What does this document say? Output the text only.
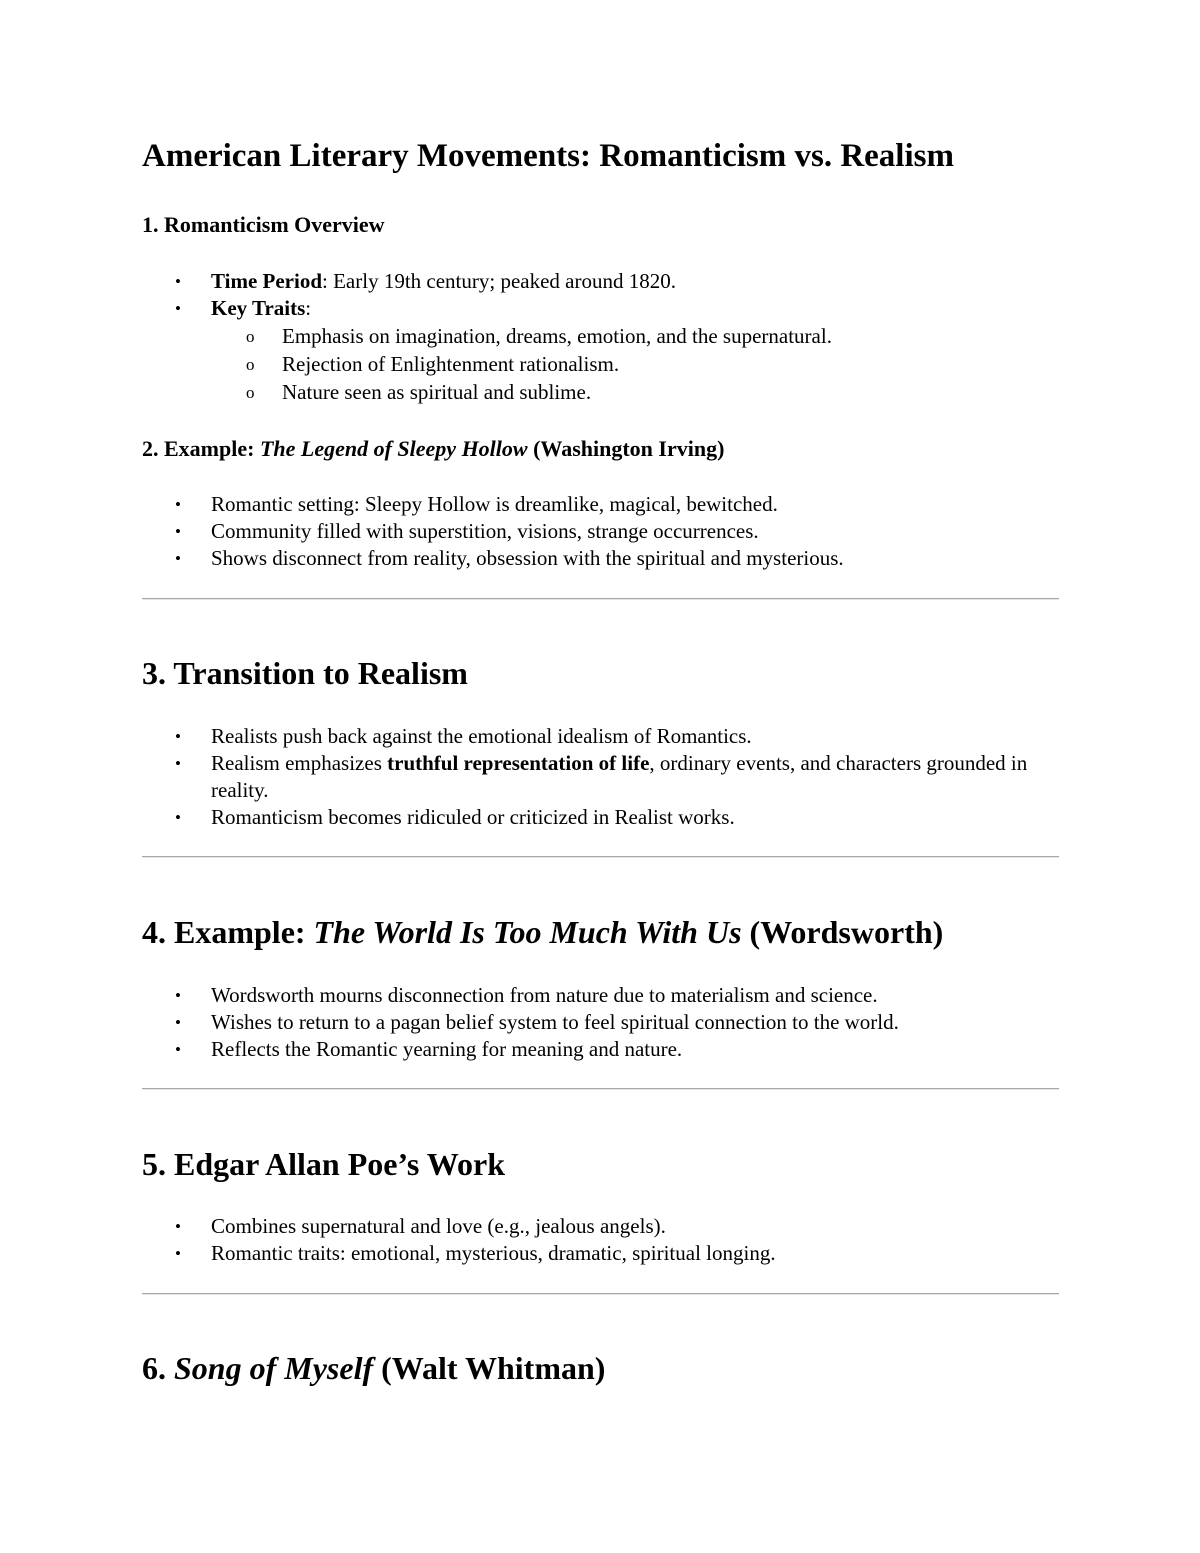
American Literary Movements: Romanticism vs. Realism
1. Romanticism Overview
• Time Period: Early 19th century; peaked around 1820.
• Key Traits:
o Emphasis on imagination, dreams, emotion, and the supernatural.
o Rejection of Enlightenment rationalism.
o Nature seen as spiritual and sublime.
2. Example: The Legend of Sleepy Hollow (Washington Irving)
• Romantic setting: Sleepy Hollow is dreamlike, magical, bewitched.
• Community filled with superstition, visions, strange occurrences.
• Shows disconnect from reality, obsession with the spiritual and mysterious.
3. Transition to Realism
• Realists push back against the emotional idealism of Romantics.
• Realism emphasizes truthful representation of life, ordinary events, and characters grounded in reality.
• Romanticism becomes ridiculed or criticized in Realist works.
4. Example: The World Is Too Much With Us (Wordsworth)
• Wordsworth mourns disconnection from nature due to materialism and science.
• Wishes to return to a pagan belief system to feel spiritual connection to the world.
• Reflects the Romantic yearning for meaning and nature.
5. Edgar Allan Poe’s Work
• Combines supernatural and love (e.g., jealous angels).
• Romantic traits: emotional, mysterious, dramatic, spiritual longing.
6. Song of Myself (Walt Whitman)
